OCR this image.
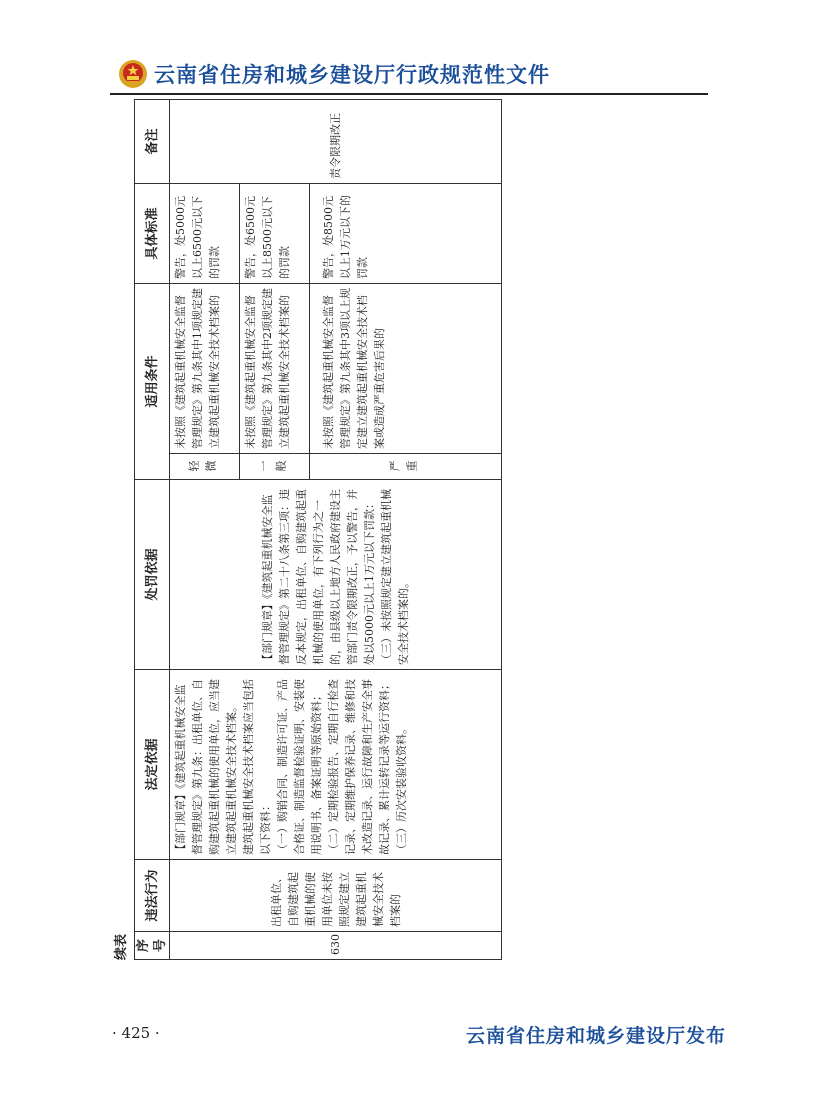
云南省住房和城乡建设厅行政规范性文件
续表 序号	违法行为	法定依据	处罚依据	适用条件		具体标准	备注
630	出租单位、自购建筑起重机械的使用单位未按照规定建立建筑起重机械安全技术档案的	【部门规章】《建筑起重机械安全监督管理规定》第九条：出租单位、自购建筑起重机械的使用单位，应当建立建筑起重机械安全技术档案。 建筑起重机械安全技术档案应当包括以下资料： （一）购销合同、制造许可证、产品合格证、制造监督检验证明、安装使用说明书、备案证明等原始资料； （二）定期检验报告、定期自行检查记录、定期维护保养记录、维修和技术改造记录、运行故障和生产安全事故记录、累计运转记录等运行资料； （三）历次安装验收资料。	【部门规章】《建筑起重机械安全监督管理规定》第二十八条第三项：违反本规定，出租单位、自购建筑起重机械的使用单位，有下列行为之一的，由县级以上地方人民政府建设主管部门责令限期改正，予以警告，并处以5000元以上1万元以下罚款： （三）未按照规定建立建筑起重机械安全技术档案的。	轻微	未按照《建筑起重机械安全监督管理规定》第九条其中1项规定建立建筑起重机械安全技术档案的	警告，处5000元以上6500元以下的罚款	责令限期改正
				一般	未按照《建筑起重机械安全监督管理规定》第九条其中2项规定建立建筑起重机械安全技术档案的	警告，处6500元以上8500元以下的罚款	
				严重	未按照《建筑起重机械安全监督管理规定》第九条其中3项以上规定建立建筑起重机械安全技术档案或造成严重危害后果的	警告，处8500元以上1万元以下的罚款	
· 425 ·	云南省住房和城乡建设厅发布
